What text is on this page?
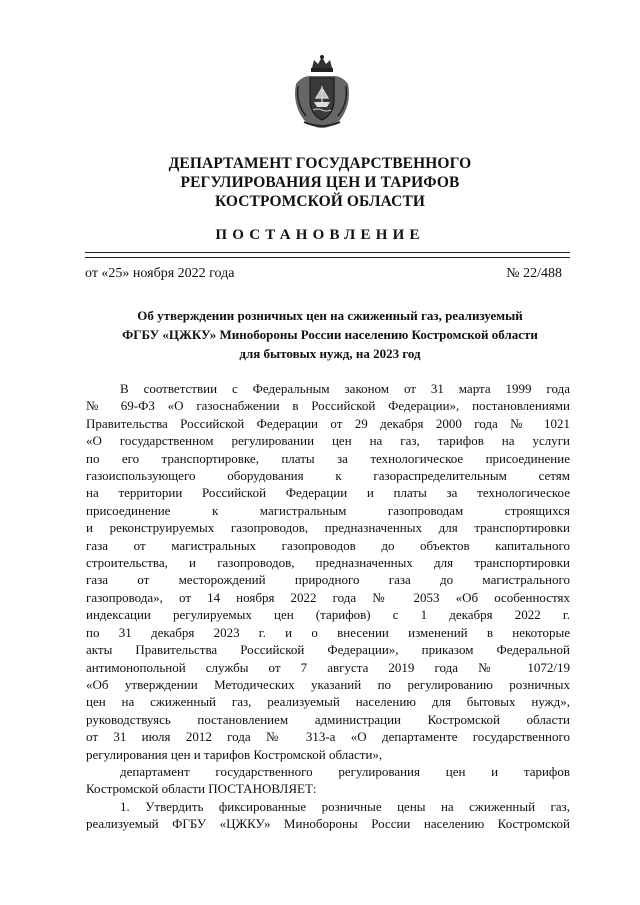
ДЕПАРТАМЕНТ ГОСУДАРСТВЕННОГО
РЕГУЛИРОВАНИЯ ЦЕН И ТАРИФОВ
КОСТРОМСКОЙ ОБЛАСТИ
ПОСТАНОВЛЕНИЕ
от «25» ноября 2022 года	№ 22/488
Об утверждении розничных цен на сжиженный газ, реализуемый
ФГБУ «ЦЖКУ» Минобороны России населению Костромской области
для бытовых нужд, на 2023 год
В соответствии с Федеральным законом от 31 марта 1999 года
№ 69-ФЗ «О газоснабжении в Российской Федерации», постановлениями
Правительства Российской Федерации от 29 декабря 2000 года № 1021
«О государственном регулировании цен на газ, тарифов на услуги
по его транспортировке, платы за технологическое присоединение
газоиспользующего оборудования к газораспределительным сетям
на территории Российской Федерации и платы за технологическое
присоединение к магистральным газопроводам строящихся
и реконструируемых газопроводов, предназначенных для транспортировки
газа от магистральных газопроводов до объектов капитального
строительства, и газопроводов, предназначенных для транспортировки
газа от месторождений природного газа до магистрального
газопровода», от 14 ноября 2022 года № 2053 «Об особенностях
индексации регулируемых цен (тарифов) с 1 декабря 2022 г.
по 31 декабря 2023 г. и о внесении изменений в некоторые
акты Правительства Российской Федерации», приказом Федеральной
антимонопольной службы от 7 августа 2019 года № 1072/19
«Об утверждении Методических указаний по регулированию розничных
цен на сжиженный газ, реализуемый населению для бытовых нужд»,
руководствуясь постановлением администрации Костромской области
от 31 июля 2012 года № 313-а «О департаменте государственного
регулирования цен и тарифов Костромской области»,
департамент государственного регулирования цен и тарифов
Костромской области ПОСТАНОВЛЯЕТ:
1. Утвердить фиксированные розничные цены на сжиженный газ,
реализуемый ФГБУ «ЦЖКУ» Минобороны России населению Костромской
